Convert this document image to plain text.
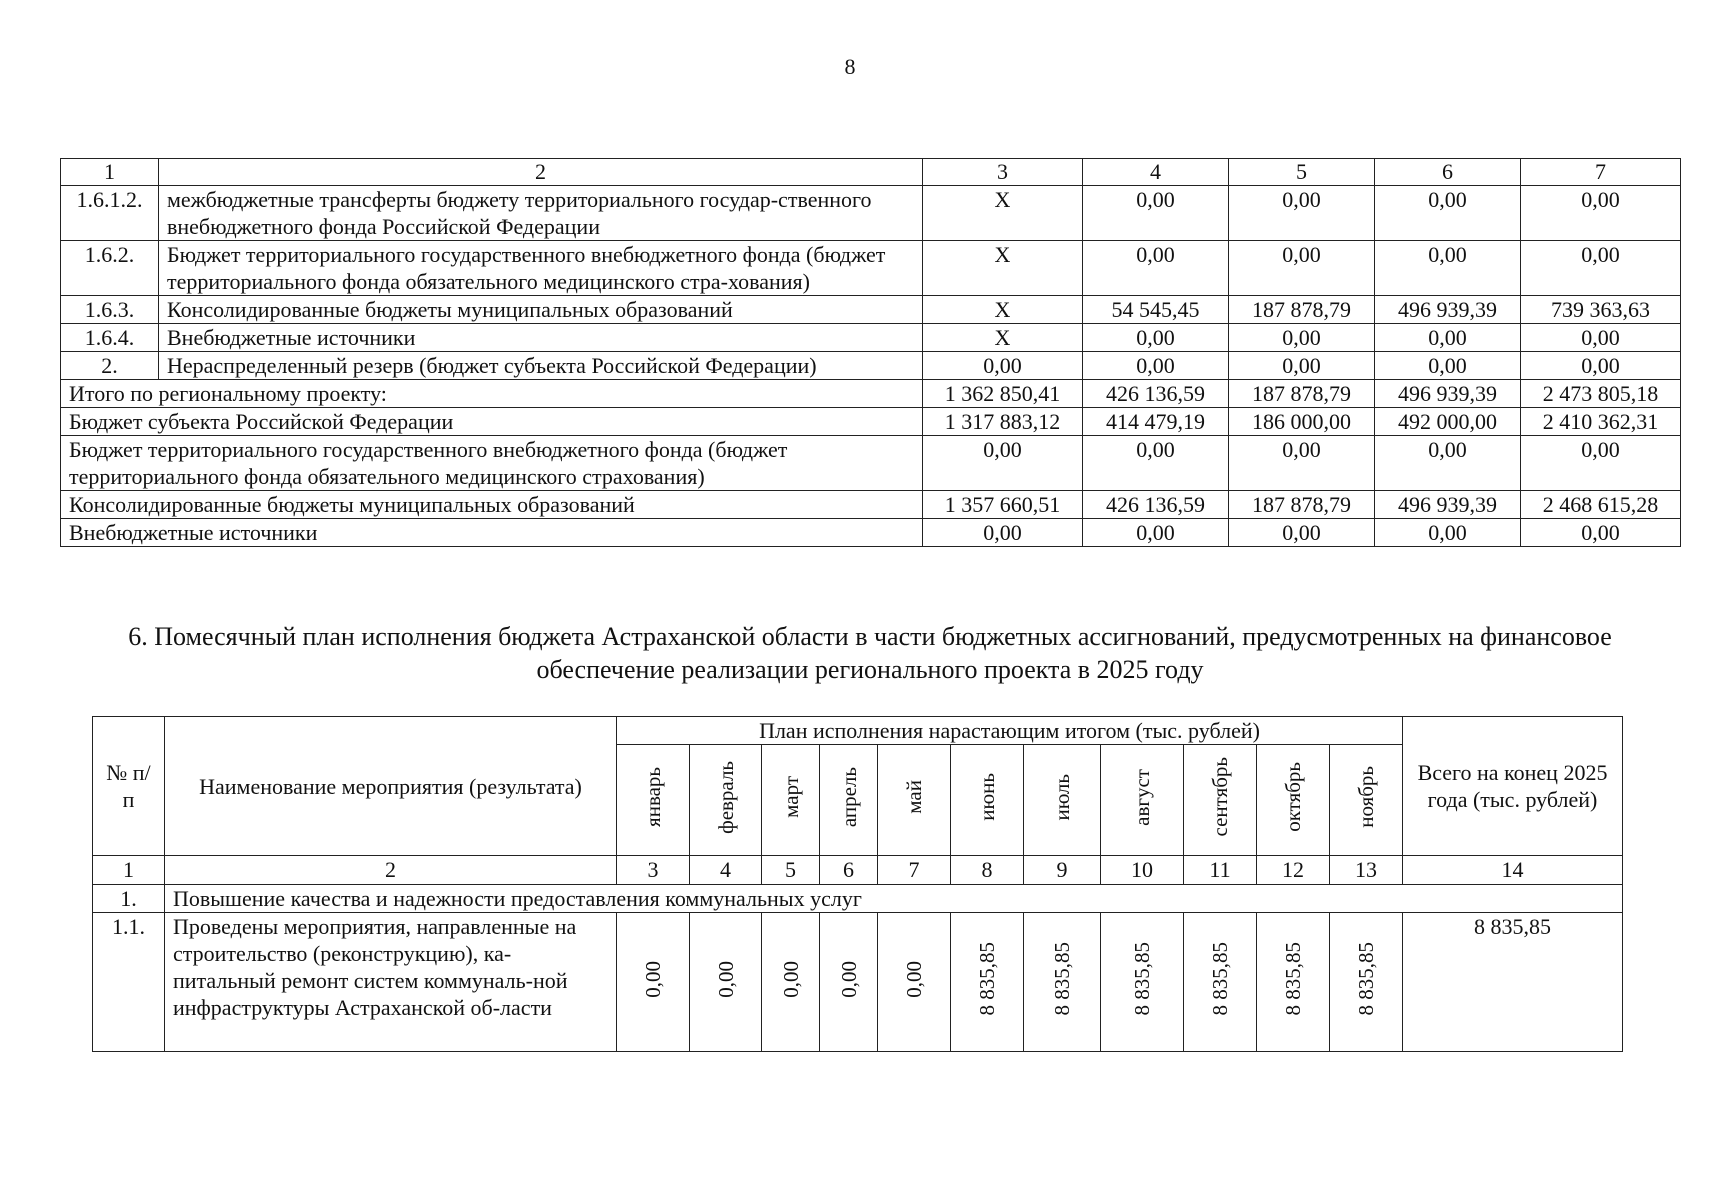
8
1	2	3	4	5	6	7
1.6.1.2.	межбюджетные трансферты бюджету территориального государ-ственного внебюджетного фонда Российской Федерации	X	0,00	0,00	0,00	0,00
1.6.2.	Бюджет территориального государственного внебюджетного фонда (бюджет территориального фонда обязательного медицинского стра-хования)	X	0,00	0,00	0,00	0,00
1.6.3.	Консолидированные бюджеты муниципальных образований	X	54 545,45	187 878,79	496 939,39	739 363,63
1.6.4.	Внебюджетные источники	X	0,00	0,00	0,00	0,00
2.	Нераспределенный резерв (бюджет субъекта Российской Федерации)	0,00	0,00	0,00	0,00	0,00
Итого по региональному проекту:		1 362 850,41	426 136,59	187 878,79	496 939,39	2 473 805,18
Бюджет субъекта Российской Федерации		1 317 883,12	414 479,19	186 000,00	492 000,00	2 410 362,31
Бюджет территориального государственного внебюджетного фонда (бюджет территориального фонда обязательного медицинского страхования)		0,00	0,00	0,00	0,00	0,00
Консолидированные бюджеты муниципальных образований		1 357 660,51	426 136,59	187 878,79	496 939,39	2 468 615,28
Внебюджетные источники		0,00	0,00	0,00	0,00	0,00
6. Помесячный план исполнения бюджета Астраханской области в части бюджетных ассигнований, предусмотренных на финансовое обеспечение реализации регионального проекта в 2025 году
№ п/п	Наименование мероприятия (результата)	План исполнения нарастающим итогом (тыс. рублей)											Всего на конец 2025 года (тыс. рублей)
		январь	февраль	март	апрель	май	июнь	июль	август	сентябрь	октябрь	ноябрь	
1	2	3	4	5	6	7	8	9	10	11	12	13	14
1.	Повышение качества и надежности предоставления коммунальных услуг												
1.1.	Проведены мероприятия, направленные на строительство (реконструкцию), ка-питальный ремонт систем коммуналь-ной инфраструктуры Астраханской об-ласти	0,00	0,00	0,00	0,00	0,00	8 835,85	8 835,85	8 835,85	8 835,85	8 835,85	8 835,85	8 835,85
